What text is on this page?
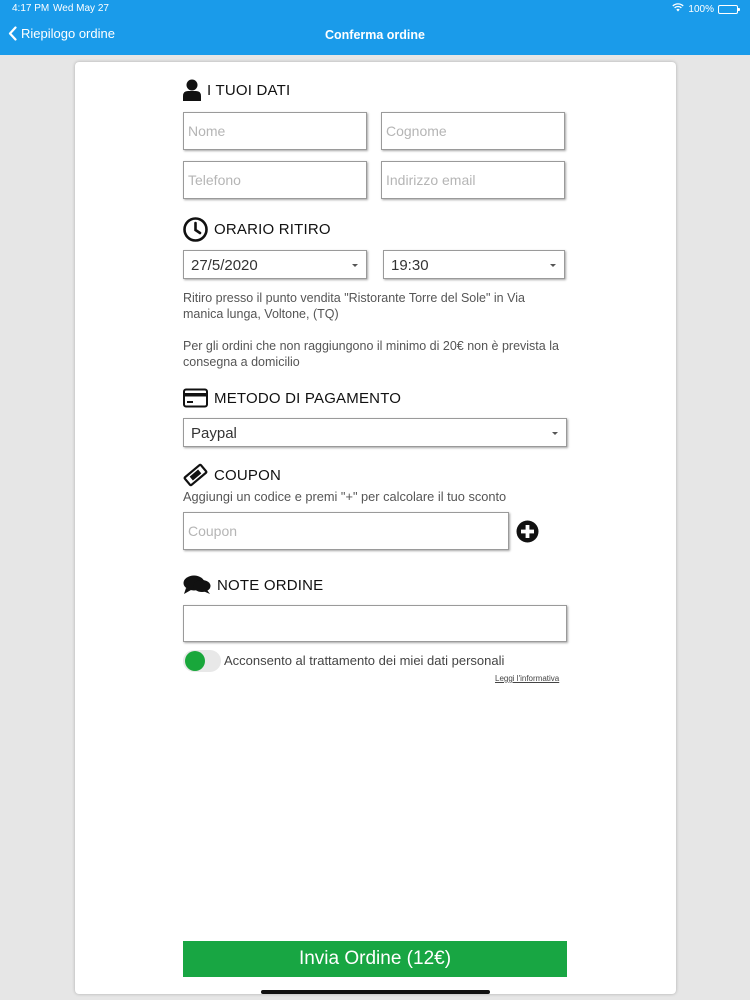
4:17 PM Wed May 27	100%
Riepilogo ordine	Conferma ordine
I TUOI DATI
Nome	Cognome
Telefono	Indirizzo email
ORARIO RITIRO
27/5/2020	19:30
Ritiro presso il punto vendita "Ristorante Torre del Sole" in Via manica lunga, Voltone, (TQ)
Per gli ordini che non raggiungono il minimo di 20€ non è prevista la consegna a domicilio
METODO DI PAGAMENTO
Paypal
COUPON
Aggiungi un codice e premi "+" per calcolare il tuo sconto
Coupon
NOTE ORDINE
Acconsento al trattamento dei miei dati personali
Leggi l'informativa
Invia Ordine (12€)
